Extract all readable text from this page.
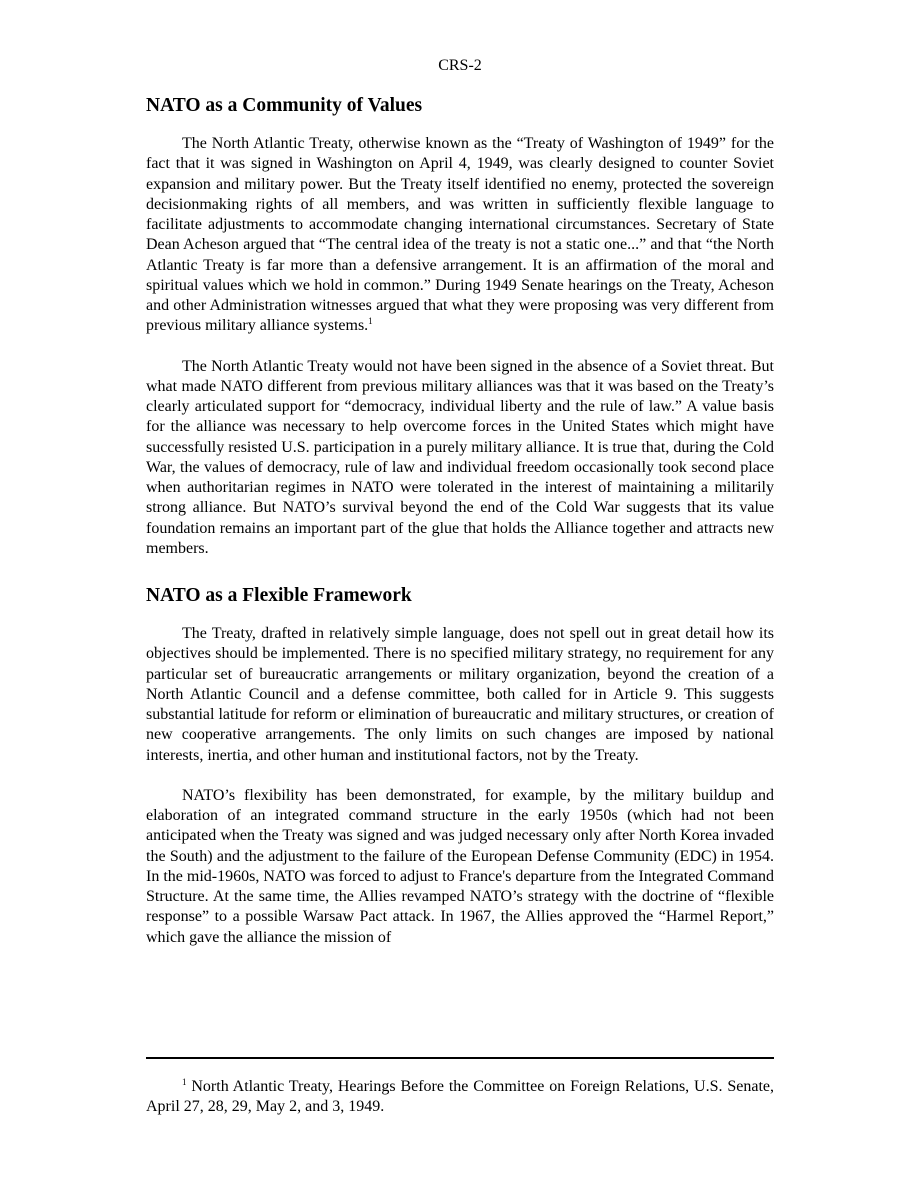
CRS-2
NATO as a Community of Values

The North Atlantic Treaty, otherwise known as the “Treaty of Washington of 1949” for the fact that it was signed in Washington on April 4, 1949, was clearly designed to counter Soviet expansion and military power. But the Treaty itself identified no enemy, protected the sovereign decisionmaking rights of all members, and was written in sufficiently flexible language to facilitate adjustments to accommodate changing international circumstances. Secretary of State Dean Acheson argued that “The central idea of the treaty is not a static one...” and that “the North Atlantic Treaty is far more than a defensive arrangement. It is an affirmation of the moral and spiritual values which we hold in common.” During 1949 Senate hearings on the Treaty, Acheson and other Administration witnesses argued that what they were proposing was very different from previous military alliance systems.$^1$

The North Atlantic Treaty would not have been signed in the absence of a Soviet threat. But what made NATO different from previous military alliances was that it was based on the Treaty’s clearly articulated support for “democracy, individual liberty and the rule of law.” A value basis for the alliance was necessary to help overcome forces in the United States which might have successfully resisted U.S. participation in a purely military alliance. It is true that, during the Cold War, the values of democracy, rule of law and individual freedom occasionally took second place when authoritarian regimes in NATO were tolerated in the interest of maintaining a militarily strong alliance. But NATO’s survival beyond the end of the Cold War suggests that its value foundation remains an important part of the glue that holds the Alliance together and attracts new members.

NATO as a Flexible Framework

The Treaty, drafted in relatively simple language, does not spell out in great detail how its objectives should be implemented. There is no specified military strategy, no requirement for any particular set of bureaucratic arrangements or military organization, beyond the creation of a North Atlantic Council and a defense committee, both called for in Article 9. This suggests substantial latitude for reform or elimination of bureaucratic and military structures, or creation of new cooperative arrangements. The only limits on such changes are imposed by national interests, inertia, and other human and institutional factors, not by the Treaty.

NATO’s flexibility has been demonstrated, for example, by the military buildup and elaboration of an integrated command structure in the early 1950s (which had not been anticipated when the Treaty was signed and was judged necessary only after North Korea invaded the South) and the adjustment to the failure of the European Defense Community (EDC) in 1954. In the mid-1960s, NATO was forced to adjust to France's departure from the Integrated Command Structure. At the same time, the Allies revamped NATO’s strategy with the doctrine of “flexible response” to a possible Warsaw Pact attack. In 1967, the Allies approved the “Harmel Report,” which gave the alliance the mission of

$^1$ North Atlantic Treaty, Hearings Before the Committee on Foreign Relations, U.S. Senate, April 27, 28, 29, May 2, and 3, 1949.
